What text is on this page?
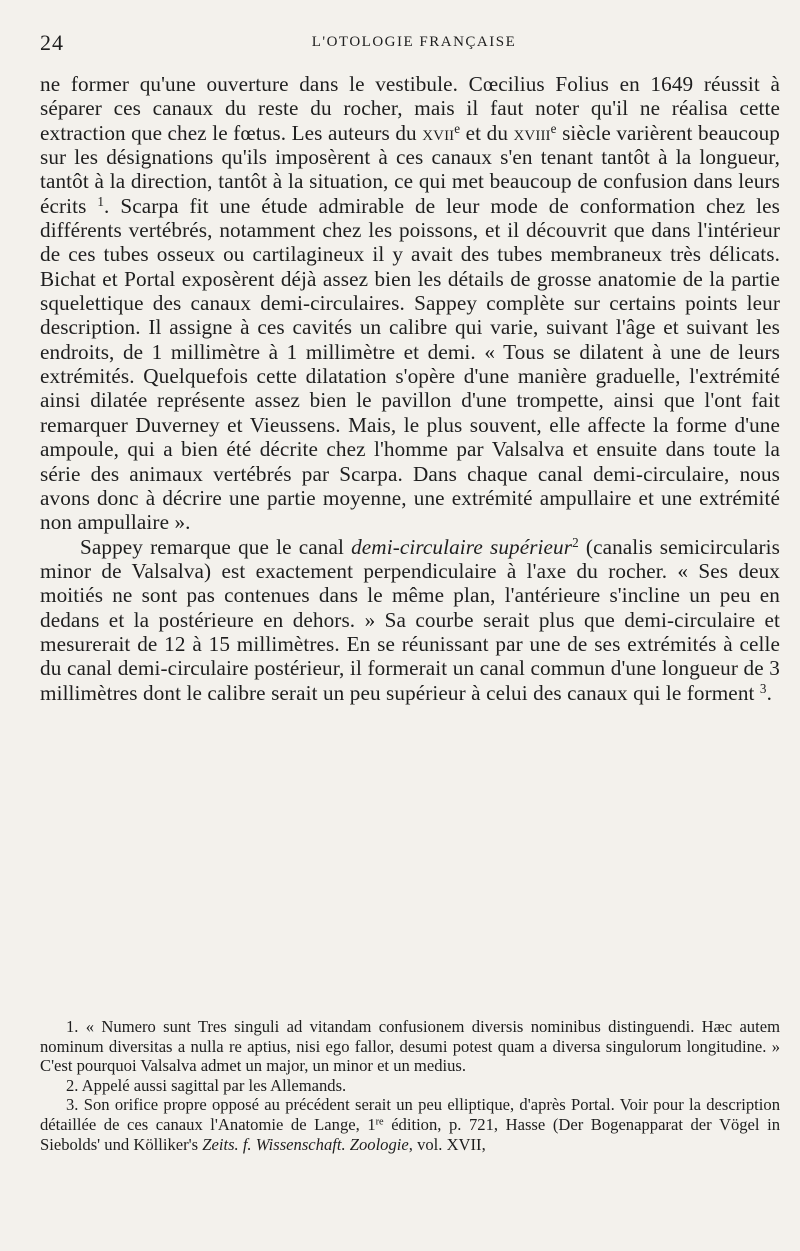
24	L'OTOLOGIE FRANÇAISE

ne former qu'une ouverture dans le vestibule. Cœcilius Folius en 1649 réussit à séparer ces canaux du reste du rocher, mais il faut noter qu'il ne réalisa cette extraction que chez le fœtus. Les auteurs du xvii$^e$ et du xviii$^e$ siècle varièrent beaucoup sur les désignations qu'ils imposèrent à ces canaux s'en tenant tantôt à la longueur, tantôt à la direction, tantôt à la situation, ce qui met beaucoup de confusion dans leurs écrits $^1$. Scarpa fit une étude admirable de leur mode de conformation chez les différents vertébrés, notamment chez les poissons, et il découvrit que dans l'intérieur de ces tubes osseux ou cartilagineux il y avait des tubes membraneux très délicats. Bichat et Portal exposèrent déjà assez bien les détails de grosse anatomie de la partie squelettique des canaux demi-circulaires. Sappey complète sur certains points leur description. Il assigne à ces cavités un calibre qui varie, suivant l'âge et suivant les endroits, de 1 millimètre à 1 millimètre et demi. « Tous se dilatent à une de leurs extrémités. Quelquefois cette dilatation s'opère d'une manière graduelle, l'extrémité ainsi dilatée représente assez bien le pavillon d'une trompette, ainsi que l'ont fait remarquer Duverney et Vieussens. Mais, le plus souvent, elle affecte la forme d'une ampoule, qui a bien été décrite chez l'homme par Valsalva et ensuite dans toute la série des animaux vertébrés par Scarpa. Dans chaque canal demi-circulaire, nous avons donc à décrire une partie moyenne, une extrémité ampullaire et une extrémité non ampullaire ».

Sappey remarque que le canal demi-circulaire supérieur$^2$ (canalis semicircularis minor de Valsalva) est exactement perpendiculaire à l'axe du rocher. « Ses deux moitiés ne sont pas contenues dans le même plan, l'antérieure s'incline un peu en dedans et la postérieure en dehors. » Sa courbe serait plus que demi-circulaire et mesurerait de 12 à 15 millimètres. En se réunissant par une de ses extrémités à celle du canal demi-circulaire postérieur, il formerait un canal commun d'une longueur de 3 millimètres dont le calibre serait un peu supérieur à celui des canaux qui le forment $^3$.

1. « Numero sunt Tres singuli ad vitandam confusionem diversis nominibus distinguendi. Hæc autem nominum diversitas a nulla re aptius, nisi ego fallor, desumi potest quam a diversa singulorum longitudine. » C'est pourquoi Valsalva admet un major, un minor et un medius.

2. Appelé aussi sagittal par les Allemands.

3. Son orifice propre opposé au précédent serait un peu elliptique, d'après Portal. Voir pour la description détaillée de ces canaux l'Anatomie de Lange, 1re édition, p. 721, Hasse (Der Bogenapparat der Vögel in Siebolds' und Kölliker's Zeits. f. Wissenschaft. Zoologie, vol. XVII,
